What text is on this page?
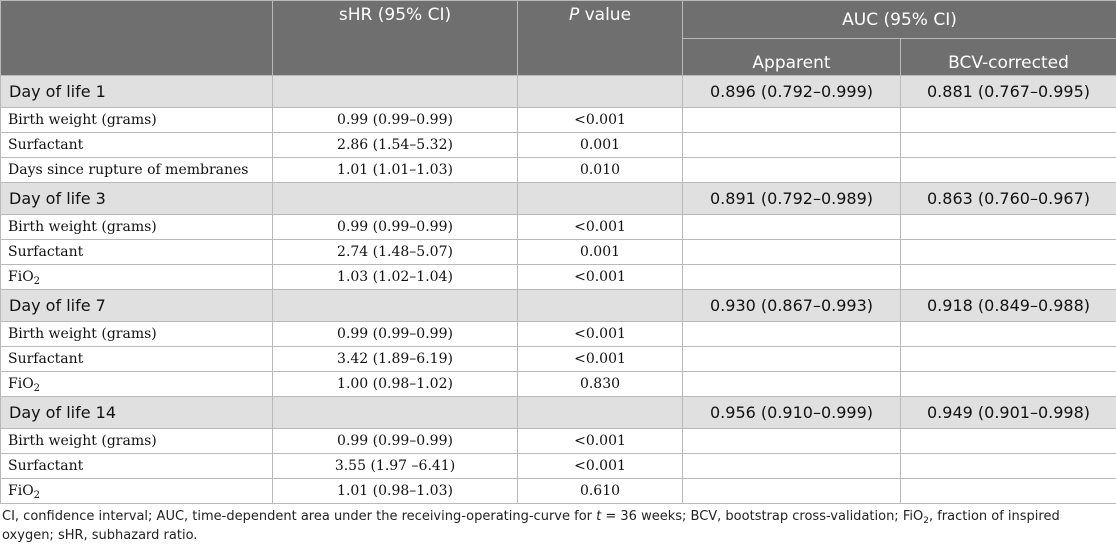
	sHR (95% CI)	P value	AUC (95% CI)	
			Apparent	BCV-corrected
Day of life 1			0.896 (0.792–0.999)	0.881 (0.767–0.995)
Birth weight (grams)	0.99 (0.99–0.99)	<0.001		
Surfactant	2.86 (1.54–5.32)	0.001		
Days since rupture of membranes	1.01 (1.01–1.03)	0.010		
Day of life 3			0.891 (0.792–0.989)	0.863 (0.760–0.967)
Birth weight (grams)	0.99 (0.99–0.99)	<0.001		
Surfactant	2.74 (1.48–5.07)	0.001		
FiO$_2$	1.03 (1.02–1.04)	<0.001		
Day of life 7			0.930 (0.867–0.993)	0.918 (0.849–0.988)
Birth weight (grams)	0.99 (0.99–0.99)	<0.001		
Surfactant	3.42 (1.89–6.19)	<0.001		
FiO$_2$	1.00 (0.98–1.02)	0.830		
Day of life 14			0.956 (0.910–0.999)	0.949 (0.901–0.998)
Birth weight (grams)	0.99 (0.99–0.99)	<0.001		
Surfactant	3.55 (1.97 –6.41)	<0.001		
FiO$_2$	1.01 (0.98–1.03)	0.610		
CI, confidence interval; AUC, time-dependent area under the receiving-operating-curve for t = 36 weeks; BCV, bootstrap cross-validation; FiO$_2$, fraction of inspired oxygen; sHR, subhazard ratio.
